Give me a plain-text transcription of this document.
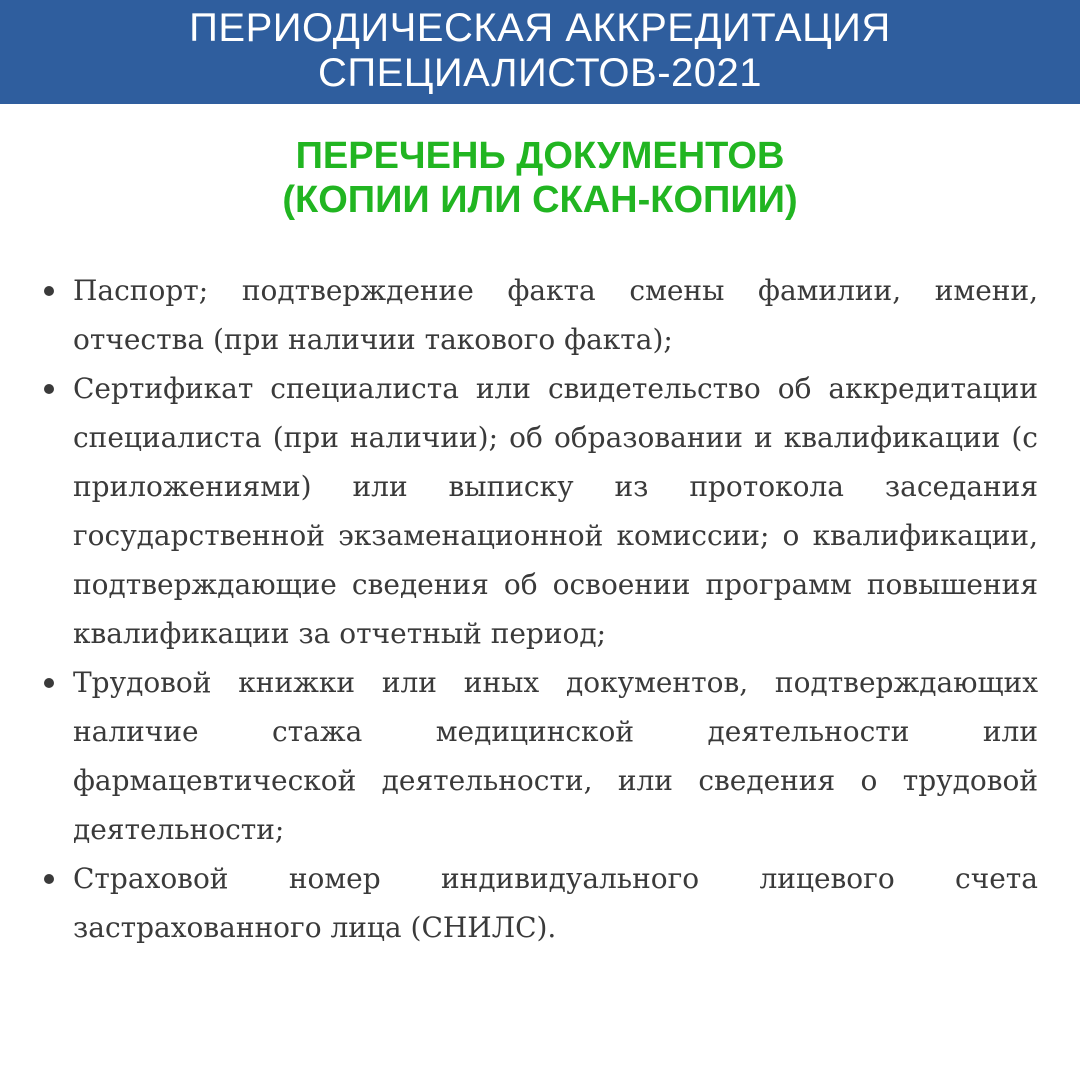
ПЕРИОДИЧЕСКАЯ АККРЕДИТАЦИЯ
СПЕЦИАЛИСТОВ-2021
ПЕРЕЧЕНЬ ДОКУМЕНТОВ
(КОПИИ ИЛИ СКАН-КОПИИ)
Паспорт; подтверждение факта смены фамилии, имени, отчества (при наличии такового факта);
Сертификат специалиста или свидетельство об аккредитации специалиста (при наличии); об образовании и квалификации (с приложениями) или выписку из протокола заседания государственной экзаменационной комиссии; о квалификации, подтверждающие сведения об освоении программ повышения квалификации за отчетный период;
Трудовой книжки или иных документов, подтверждающих наличие стажа медицинской деятельности или фармацевтической деятельности, или сведения о трудовой деятельности;
Страховой номер индивидуального лицевого счета застрахованного лица (СНИЛС).
